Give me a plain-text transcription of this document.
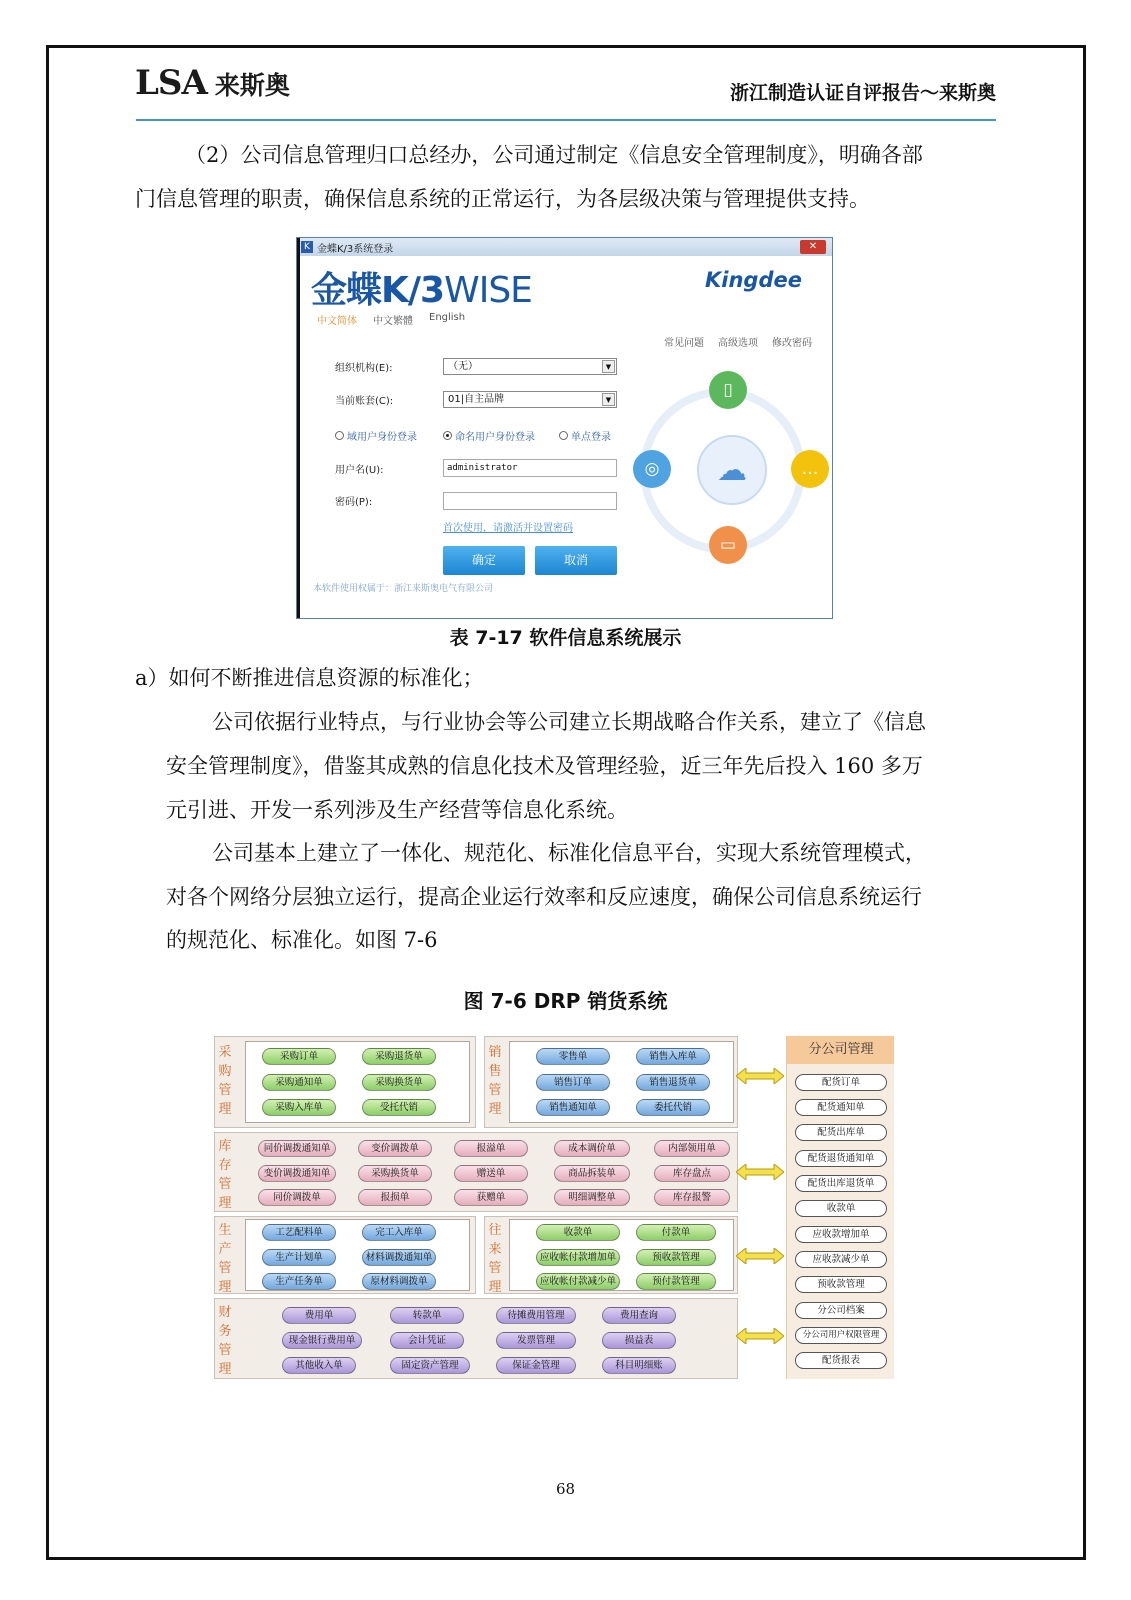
LSA 来斯奥	浙江制造认证自评报告～来斯奥
（2）公司信息管理归口总经办，公司通过制定《信息安全管理制度》，明确各部
门信息管理的职责，确保信息系统的正常运行，为各层级决策与管理提供支持。
K 金蝶K/3系统登录	✕
金蝶K/3WISE	Kingdee
中文简体 中文繁體 English
常见问题 高级选项 修改密码
组织机构(E):	（无）	▼
当前账套(C):	01|自主品牌	▼
域用户身份登录	命名用户身份登录	单点登录
用户名(U):	administrator
密码(P):
首次使用，请激活并设置密码
确定	取消
本软件使用权属于：浙江来斯奥电气有限公司
☁
▯
…
▭
◎
表 7-17 软件信息系统展示
a）如何不断推进信息资源的标准化；
公司依据行业特点，与行业协会等公司建立长期战略合作关系，建立了《信息
安全管理制度》，借鉴其成熟的信息化技术及管理经验，近三年先后投入 160 多万
元引进、开发一系列涉及生产经营等信息化系统。
公司基本上建立了一体化、规范化、标准化信息平台，实现大系统管理模式，
对各个网络分层独立运行，提高企业运行效率和反应速度，确保公司信息系统运行
的规范化、标准化。如图 7-6
图 7-6 DRP 销货系统
采
购
管
理
销
售
管
理
库
存
管
理
生
产
管
理
往
来
管
理
财
务
管
理
采购订单	采购退货单
采购通知单	采购换货单
采购入库单	受托代销
零售单	销售入库单
销售订单	销售退货单
销售通知单	委托代销
同价调拨通知单	变价调拨单	报溢单	成本调价单	内部领用单
变价调拨通知单	采购换货单	赠送单	商品拆装单	库存盘点
同价调拨单	报损单	获赠单	明细调整单	库存报警
工艺配料单	完工入库单
生产计划单	材料调拨通知单
生产任务单	原材料调拨单
收款单	付款单
应收帐付款增加单	预收款管理
应收帐付款减少单	预付款管理
费用单	转款单	待摊费用管理	费用查询
现金银行费用单	会计凭证	发票管理	损益表
其他收入单	固定资产管理	保证金管理	科目明细账
分公司管理
配货订单
配货通知单
配货出库单
配货退货通知单
配货出库退货单
收款单
应收款增加单
应收款减少单
预收款管理
分公司档案
分公司用户权限管理
配货报表
68
